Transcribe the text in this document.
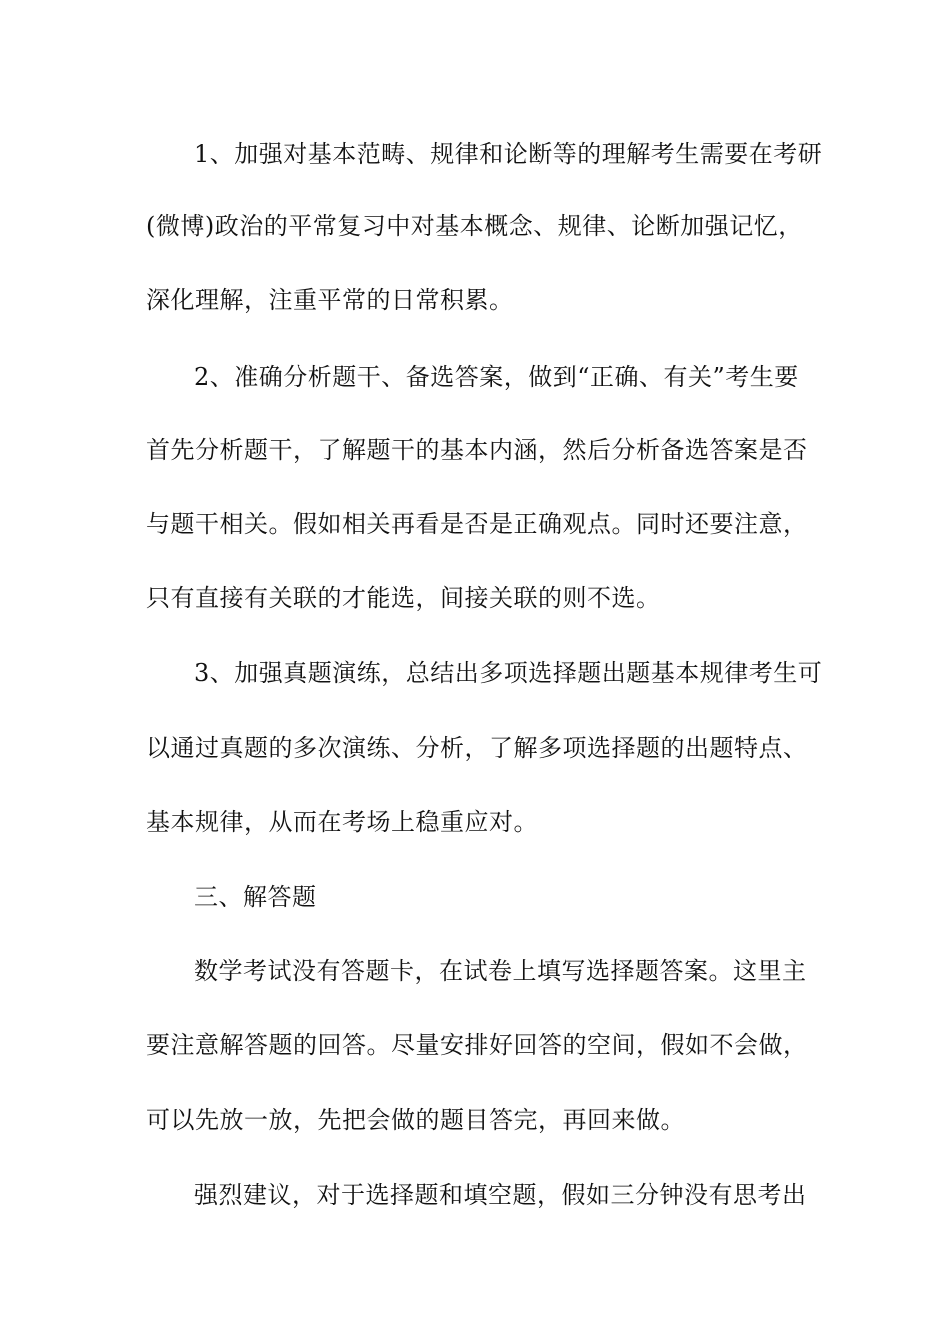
1、加强对基本范畴、规律和论断等的理解考生需要在考研
(微博)政治的平常复习中对基本概念、规律、论断加强记忆，
深化理解，注重平常的日常积累。
2、准确分析题干、备选答案，做到“正确、有关”考生要
首先分析题干，了解题干的基本内涵，然后分析备选答案是否
与题干相关。假如相关再看是否是正确观点。同时还要注意，
只有直接有关联的才能选，间接关联的则不选。
3、加强真题演练，总结出多项选择题出题基本规律考生可
以通过真题的多次演练、分析，了解多项选择题的出题特点、
基本规律，从而在考场上稳重应对。
三、解答题
数学考试没有答题卡，在试卷上填写选择题答案。这里主
要注意解答题的回答。尽量安排好回答的空间，假如不会做，
可以先放一放，先把会做的题目答完，再回来做。
强烈建议，对于选择题和填空题，假如三分钟没有思考出
